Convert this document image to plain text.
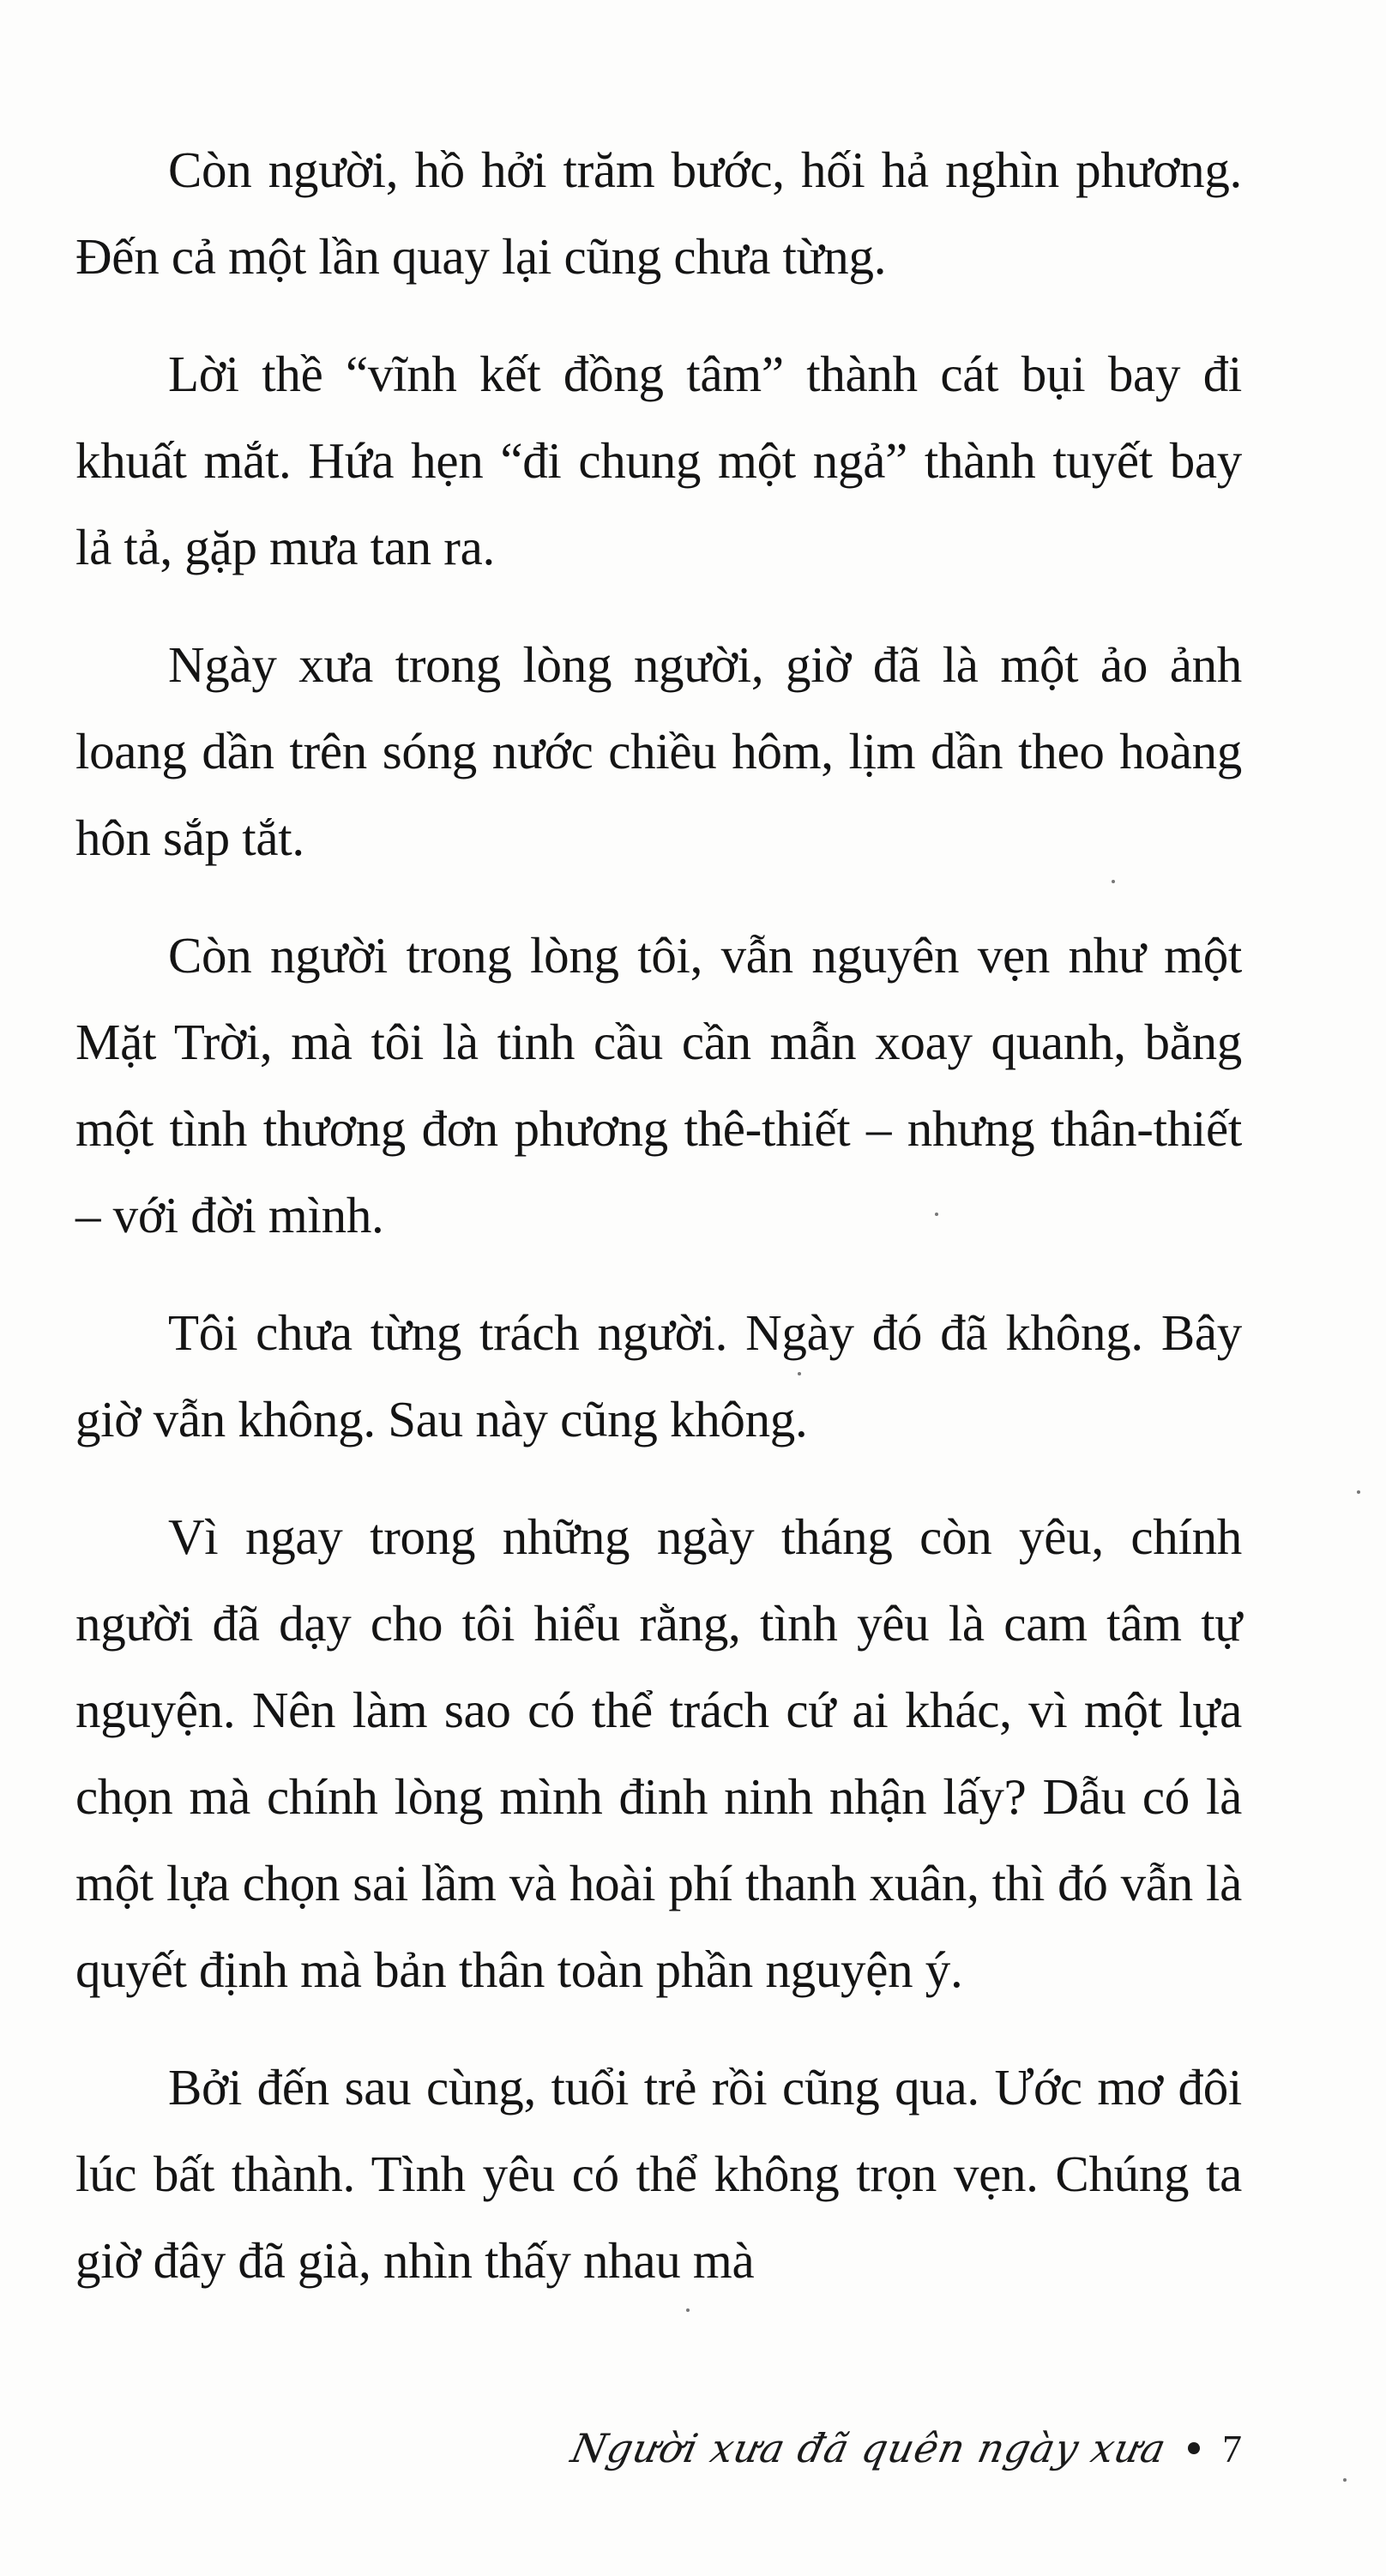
Còn người, hồ hởi trăm bước, hối hả nghìn phương. Đến cả một lần quay lại cũng chưa từng.

Lời thề “vĩnh kết đồng tâm” thành cát bụi bay đi khuất mắt. Hứa hẹn “đi chung một ngả” thành tuyết bay lả tả, gặp mưa tan ra.

Ngày xưa trong lòng người, giờ đã là một ảo ảnh loang dần trên sóng nước chiều hôm, lịm dần theo hoàng hôn sắp tắt.

Còn người trong lòng tôi, vẫn nguyên vẹn như một Mặt Trời, mà tôi là tinh cầu cần mẫn xoay quanh, bằng một tình thương đơn phương thê-thiết – nhưng thân-thiết – với đời mình.

Tôi chưa từng trách người. Ngày đó đã không. Bây giờ vẫn không. Sau này cũng không.

Vì ngay trong những ngày tháng còn yêu, chính người đã dạy cho tôi hiểu rằng, tình yêu là cam tâm tự nguyện. Nên làm sao có thể trách cứ ai khác, vì một lựa chọn mà chính lòng mình đinh ninh nhận lấy? Dẫu có là một lựa chọn sai lầm và hoài phí thanh xuân, thì đó vẫn là quyết định mà bản thân toàn phần nguyện ý.

Bởi đến sau cùng, tuổi trẻ rồi cũng qua. Ước mơ đôi lúc bất thành. Tình yêu có thể không trọn vẹn. Chúng ta giờ đây đã già, nhìn thấy nhau mà

Người xưa đã quên ngày xưa 7
